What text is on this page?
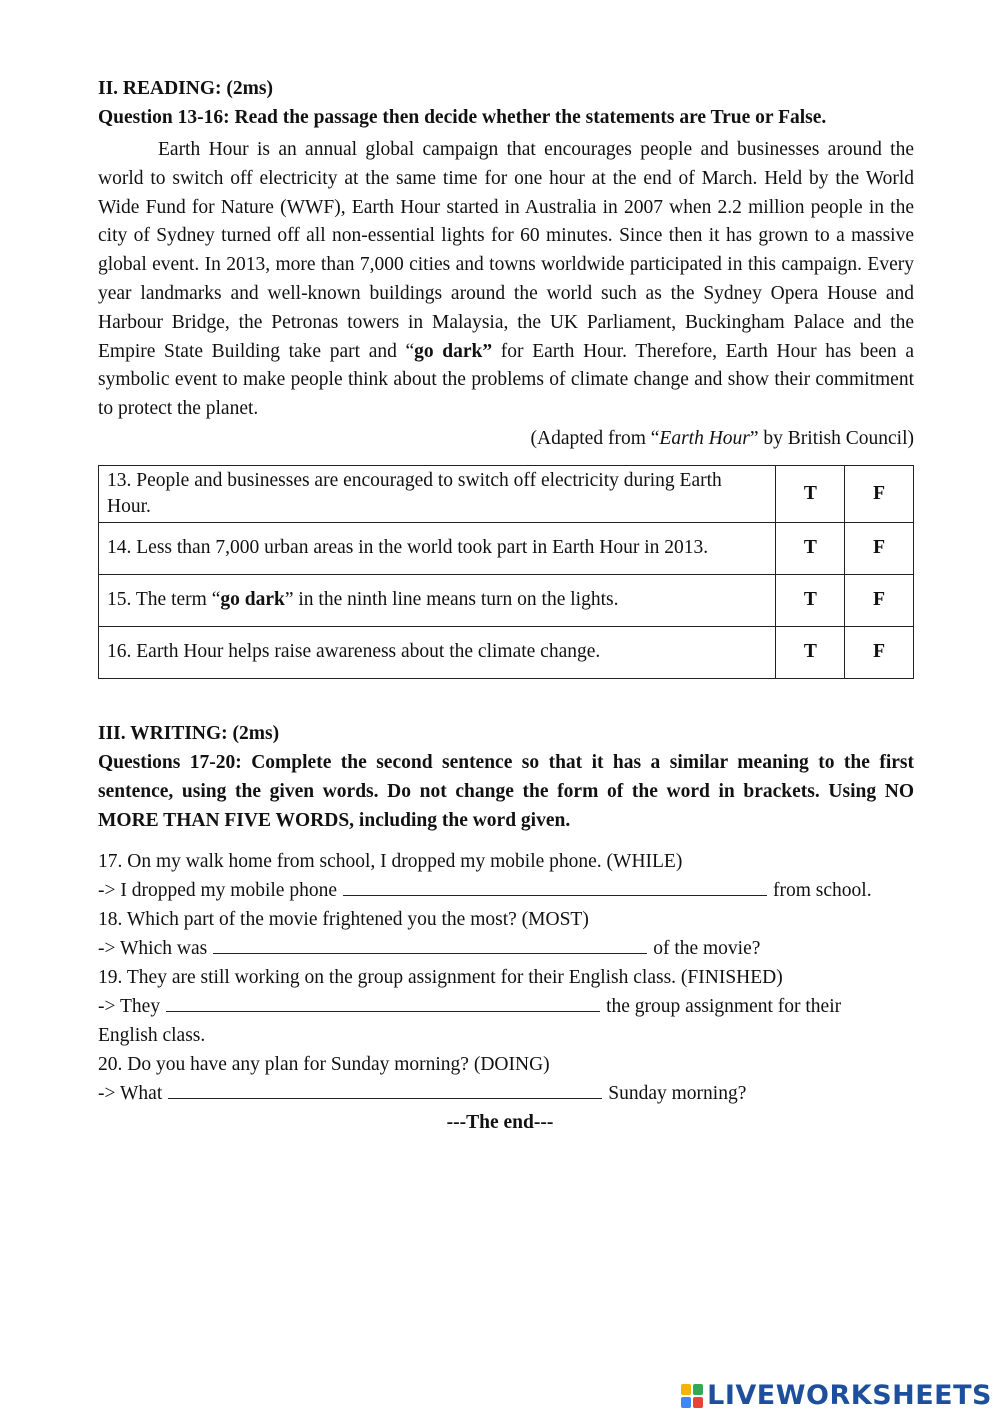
II. READING: (2ms)

Question 13-16: Read the passage then decide whether the statements are True or False.

Earth Hour is an annual global campaign that encourages people and businesses around the world to switch off electricity at the same time for one hour at the end of March. Held by the World Wide Fund for Nature (WWF), Earth Hour started in Australia in 2007 when 2.2 million people in the city of Sydney turned off all non-essential lights for 60 minutes. Since then it has grown to a massive global event. In 2013, more than 7,000 cities and towns worldwide participated in this campaign. Every year landmarks and well-known buildings around the world such as the Sydney Opera House and Harbour Bridge, the Petronas towers in Malaysia, the UK Parliament, Buckingham Palace and the Empire State Building take part and “go dark” for Earth Hour. Therefore, Earth Hour has been a symbolic event to make people think about the problems of climate change and show their commitment to protect the planet.

(Adapted from “Earth Hour” by British Council)

13. People and businesses are encouraged to switch off electricity during Earth Hour.	T	F
14. Less than 7,000 urban areas in the world took part in Earth Hour in 2013.	T	F
15. The term “go dark” in the ninth line means turn on the lights.	T	F
16. Earth Hour helps raise awareness about the climate change.	T	F

III. WRITING: (2ms)

Questions 17-20: Complete the second sentence so that it has a similar meaning to the first sentence, using the given words. Do not change the form of the word in brackets. Using NO MORE THAN FIVE WORDS, including the word given.

17. On my walk home from school, I dropped my mobile phone. (WHILE)
-> I dropped my mobile phone	from school.
18. Which part of the movie frightened you the most? (MOST)
-> Which was	of the movie?
19. They are still working on the group assignment for their English class. (FINISHED)
-> They	the group assignment for their
English class.
20. Do you have any plan for Sunday morning? (DOING)
-> What	Sunday morning?
---The end---
LIVEWORKSHEETS
